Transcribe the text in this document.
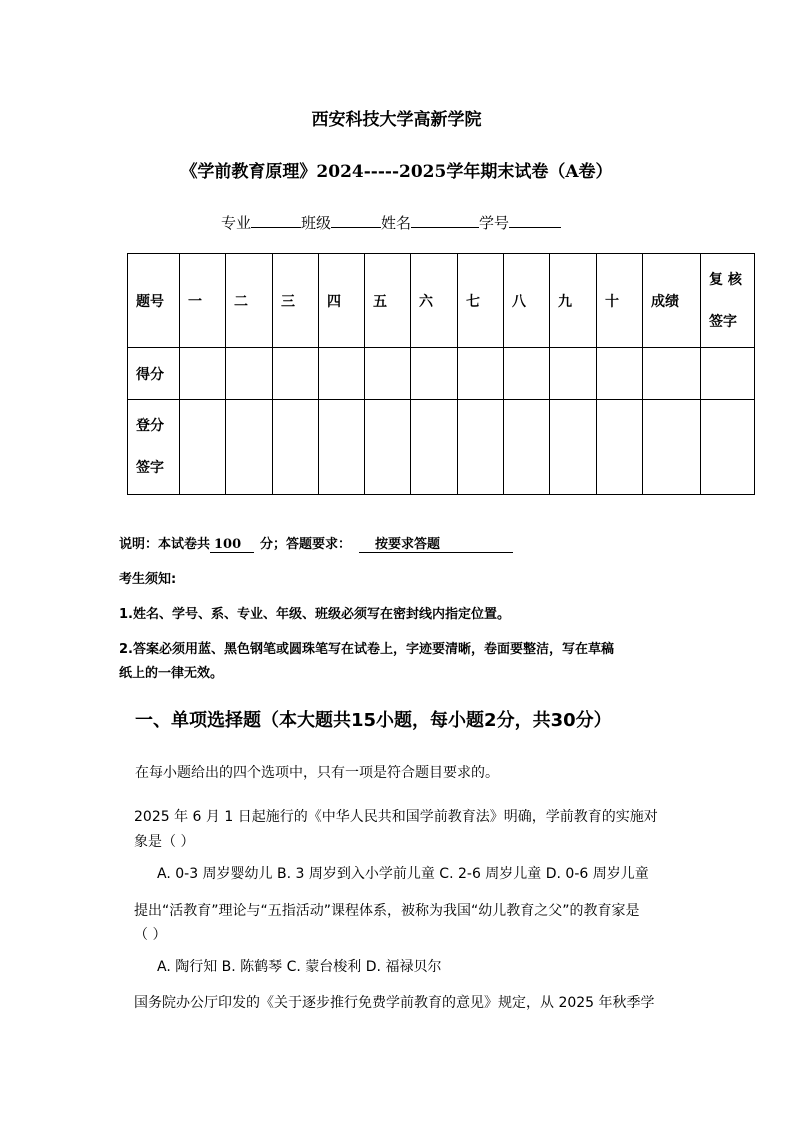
西安科技大学高新学院
《学前教育原理》2024-----2025学年期末试卷（A卷）
专业	班级	姓名	学号
题号	一	二	三	四	五	六	七	八	九	十	成绩	复 核 签字
得分												
登分签字												
说明：本试卷共 100 分；答题要求： 按要求答题
考生须知:
1.姓名、学号、系、专业、年级、班级必须写在密封线内指定位置。
2.答案必须用蓝、黑色钢笔或圆珠笔写在试卷上，字迹要清晰，卷面要整洁，写在草稿
纸上的一律无效。
一、单项选择题（本大题共15小题，每小题2分，共30分）
在每小题给出的四个选项中，只有一项是符合题目要求的。
2025 年 6 月 1 日起施行的《中华人民共和国学前教育法》明确，学前教育的实施对
象是（ ）
A. 0-3 周岁婴幼儿 B. 3 周岁到入小学前儿童 C. 2-6 周岁儿童 D. 0-6 周岁儿童
提出“活教育”理论与“五指活动”课程体系，被称为我国“幼儿教育之父”的教育家是
（ ）
A. 陶行知 B. 陈鹤琴 C. 蒙台梭利 D. 福禄贝尔
国务院办公厅印发的《关于逐步推行免费学前教育的意见》规定，从 2025 年秋季学
